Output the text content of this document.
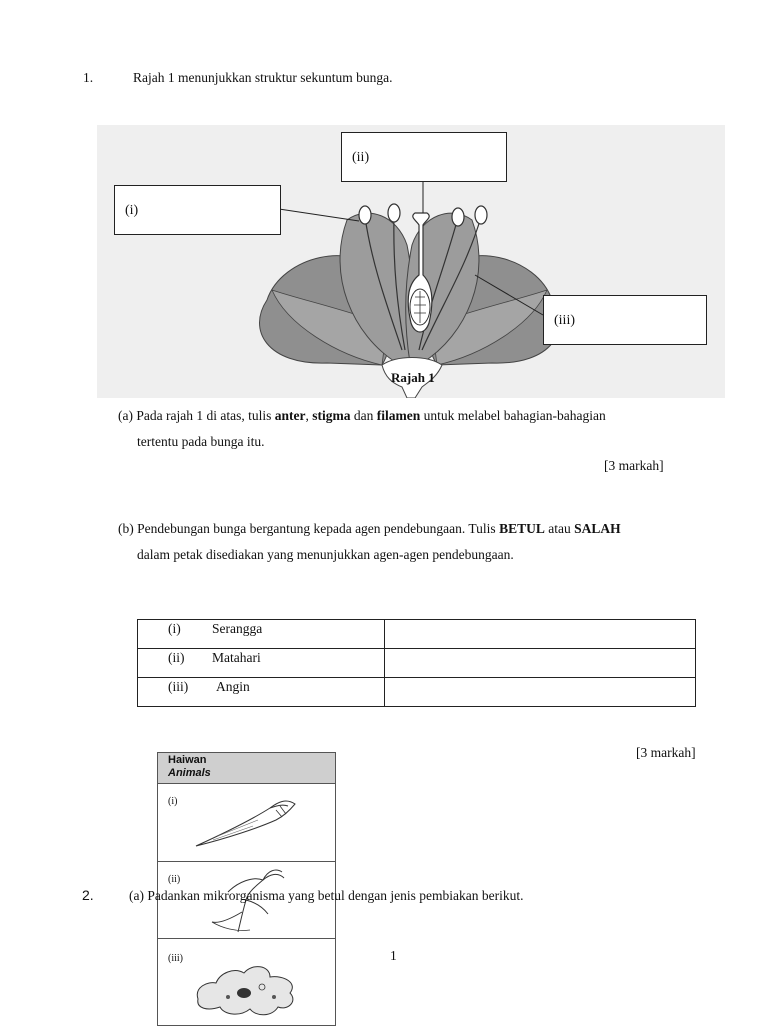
1.	Rajah 1 menunjukkan struktur sekuntum bunga.
(i)
(ii)
(iii)
Rajah 1
(a) Pada rajah 1 di atas, tulis anter, stigma dan filamen untuk melabel bahagian-bahagian
tertentu pada bunga itu.
[3 markah]
(b) Pendebungan bunga bergantung kepada agen pendebungaan. Tulis BETUL atau SALAH
dalam petak disediakan yang menunjukkan agen-agen pendebungaan.
(i) Serangga	
(ii) Matahari	
(iii) Angin	
[3 markah]
Haiwan
Animals
(i)
(ii)
(iii)
2.	(a) Padankan mikrorganisma yang betul dengan jenis pembiakan berikut.
1
